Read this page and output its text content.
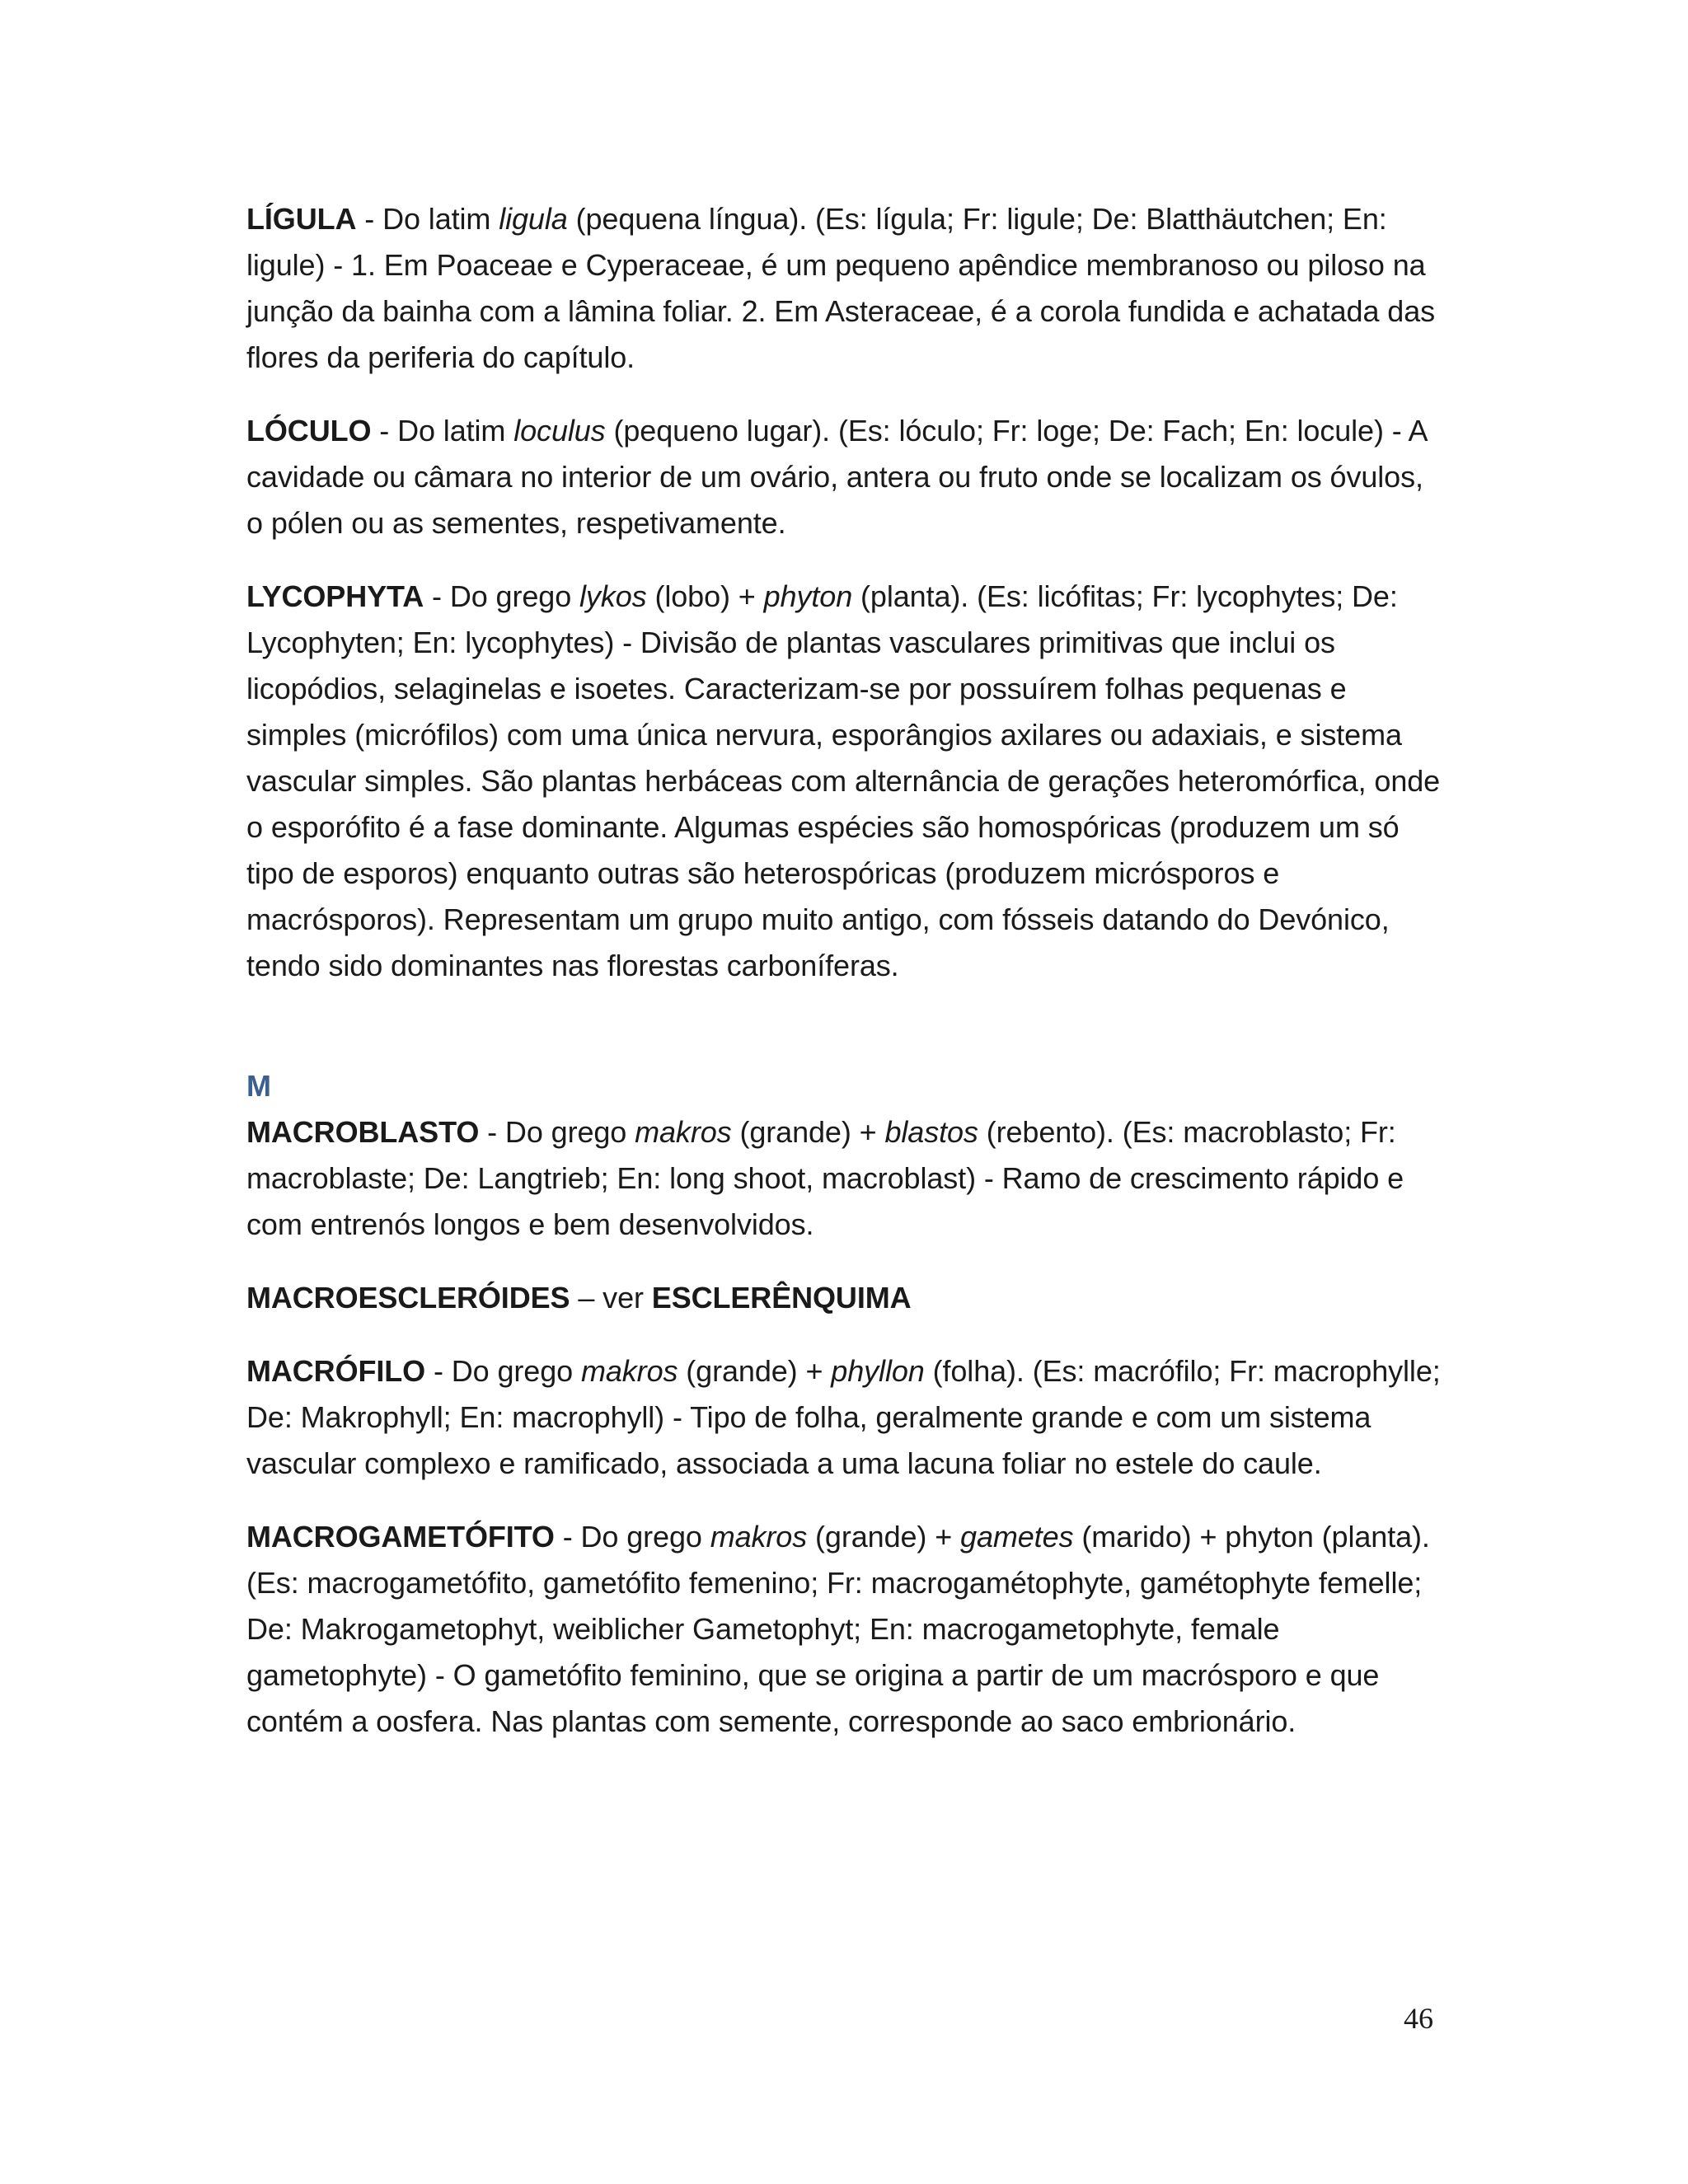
LÍGULA - Do latim ligula (pequena língua). (Es: lígula; Fr: ligule; De: Blatthäutchen; En: ligule) - 1. Em Poaceae e Cyperaceae, é um pequeno apêndice membranoso ou piloso na junção da bainha com a lâmina foliar. 2. Em Asteraceae, é a corola fundida e achatada das flores da periferia do capítulo.

LÓCULO - Do latim loculus (pequeno lugar). (Es: lóculo; Fr: loge; De: Fach; En: locule) - A cavidade ou câmara no interior de um ovário, antera ou fruto onde se localizam os óvulos, o pólen ou as sementes, respetivamente.

LYCOPHYTA - Do grego lykos (lobo) + phyton (planta). (Es: licófitas; Fr: lycophytes; De: Lycophyten; En: lycophytes) - Divisão de plantas vasculares primitivas que inclui os licopódios, selaginelas e isoetes. Caracterizam-se por possuírem folhas pequenas e simples (micrófilos) com uma única nervura, esporângios axilares ou adaxiais, e sistema vascular simples. São plantas herbáceas com alternância de gerações heteromórfica, onde o esporófito é a fase dominante. Algumas espécies são homospóricas (produzem um só tipo de esporos) enquanto outras são heterospóricas (produzem micrósporos e macrósporos). Representam um grupo muito antigo, com fósseis datando do Devónico, tendo sido dominantes nas florestas carboníferas.

M

MACROBLASTO - Do grego makros (grande) + blastos (rebento). (Es: macroblasto; Fr: macroblaste; De: Langtrieb; En: long shoot, macroblast) - Ramo de crescimento rápido e com entrenós longos e bem desenvolvidos.

MACROESCLERÓIDES – ver ESCLERÊNQUIMA

MACRÓFILO - Do grego makros (grande) + phyllon (folha). (Es: macrófilo; Fr: macrophylle; De: Makrophyll; En: macrophyll) - Tipo de folha, geralmente grande e com um sistema vascular complexo e ramificado, associada a uma lacuna foliar no estele do caule.

MACROGAMETÓFITO - Do grego makros (grande) + gametes (marido) + phyton (planta). (Es: macrogametófito, gametófito femenino; Fr: macrogamétophyte, gamétophyte femelle; De: Makrogametophyt, weiblicher Gametophyt; En: macrogametophyte, female gametophyte) - O gametófito feminino, que se origina a partir de um macrósporo e que contém a oosfera. Nas plantas com semente, corresponde ao saco embrionário.

46
